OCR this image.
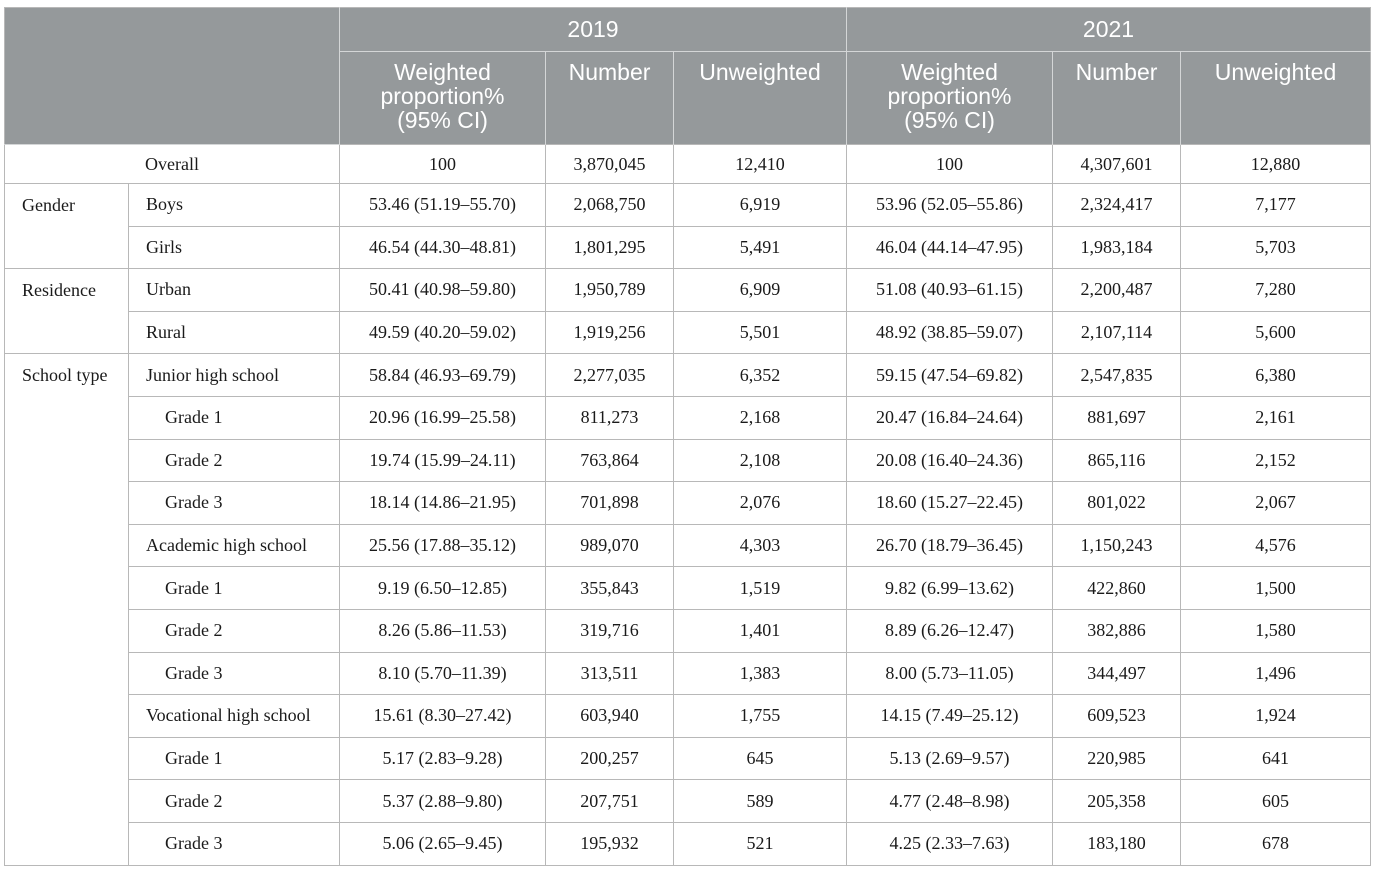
		2019			2021		
		Weighted proportion% (95% CI)	Number	Unweighted	Weighted proportion% (95% CI)	Number	Unweighted
Overall		100	3,870,045	12,410	100	4,307,601	12,880
Gender	Boys	53.46 (51.19–55.70)	2,068,750	6,919	53.96 (52.05–55.86)	2,324,417	7,177
	Girls	46.54 (44.30–48.81)	1,801,295	5,491	46.04 (44.14–47.95)	1,983,184	5,703
Residence	Urban	50.41 (40.98–59.80)	1,950,789	6,909	51.08 (40.93–61.15)	2,200,487	7,280
	Rural	49.59 (40.20–59.02)	1,919,256	5,501	48.92 (38.85–59.07)	2,107,114	5,600
School type	Junior high school	58.84 (46.93–69.79)	2,277,035	6,352	59.15 (47.54–69.82)	2,547,835	6,380
	Grade 1	20.96 (16.99–25.58)	811,273	2,168	20.47 (16.84–24.64)	881,697	2,161
	Grade 2	19.74 (15.99–24.11)	763,864	2,108	20.08 (16.40–24.36)	865,116	2,152
	Grade 3	18.14 (14.86–21.95)	701,898	2,076	18.60 (15.27–22.45)	801,022	2,067
	Academic high school	25.56 (17.88–35.12)	989,070	4,303	26.70 (18.79–36.45)	1,150,243	4,576
	Grade 1	9.19 (6.50–12.85)	355,843	1,519	9.82 (6.99–13.62)	422,860	1,500
	Grade 2	8.26 (5.86–11.53)	319,716	1,401	8.89 (6.26–12.47)	382,886	1,580
	Grade 3	8.10 (5.70–11.39)	313,511	1,383	8.00 (5.73–11.05)	344,497	1,496
	Vocational high school	15.61 (8.30–27.42)	603,940	1,755	14.15 (7.49–25.12)	609,523	1,924
	Grade 1	5.17 (2.83–9.28)	200,257	645	5.13 (2.69–9.57)	220,985	641
	Grade 2	5.37 (2.88–9.80)	207,751	589	4.77 (2.48–8.98)	205,358	605
	Grade 3	5.06 (2.65–9.45)	195,932	521	4.25 (2.33–7.63)	183,180	678
